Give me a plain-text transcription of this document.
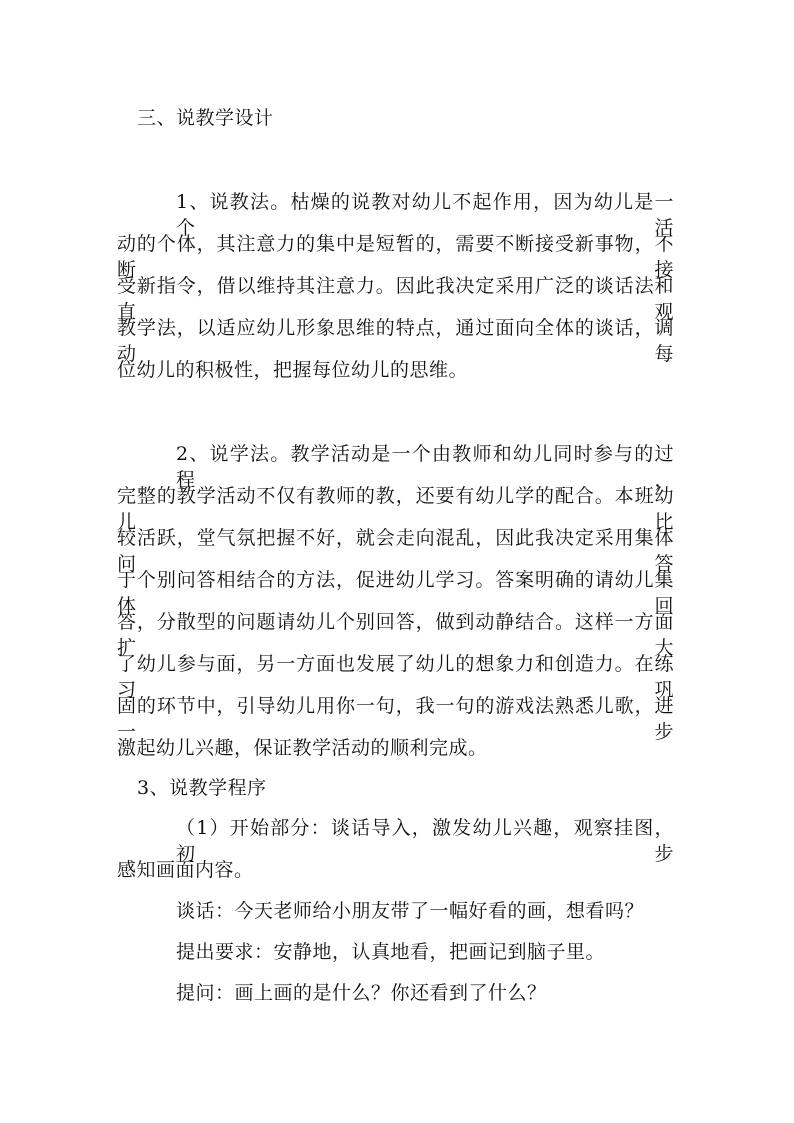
三、说教学设计
1、说教法。枯燥的说教对幼儿不起作用，因为幼儿是一个活
动的个体，其注意力的集中是短暂的，需要不断接受新事物，不断接
受新指令，借以维持其注意力。因此我决定采用广泛的谈话法和直观
教学法，以适应幼儿形象思维的特点，通过面向全体的谈话，调动每
位幼儿的积极性，把握每位幼儿的思维。
2、说学法。教学活动是一个由教师和幼儿同时参与的过程，
完整的教学活动不仅有教师的教，还要有幼儿学的配合。本班幼儿比
较活跃，堂气氛把握不好，就会走向混乱，因此我决定采用集体问答
于个别问答相结合的方法，促进幼儿学习。答案明确的请幼儿集体回
答，分散型的问题请幼儿个别回答，做到动静结合。这样一方面扩大
了幼儿参与面，另一方面也发展了幼儿的想象力和创造力。在练习巩
固的环节中，引导幼儿用你一句，我一句的游戏法熟悉儿歌，进一步
激起幼儿兴趣，保证教学活动的顺利完成。
3、说教学程序
（1）开始部分：谈话导入，激发幼儿兴趣，观察挂图，初步
感知画面内容。
谈话：今天老师给小朋友带了一幅好看的画，想看吗？
提出要求：安静地，认真地看，把画记到脑子里。
提问：画上画的是什么？你还看到了什么？
